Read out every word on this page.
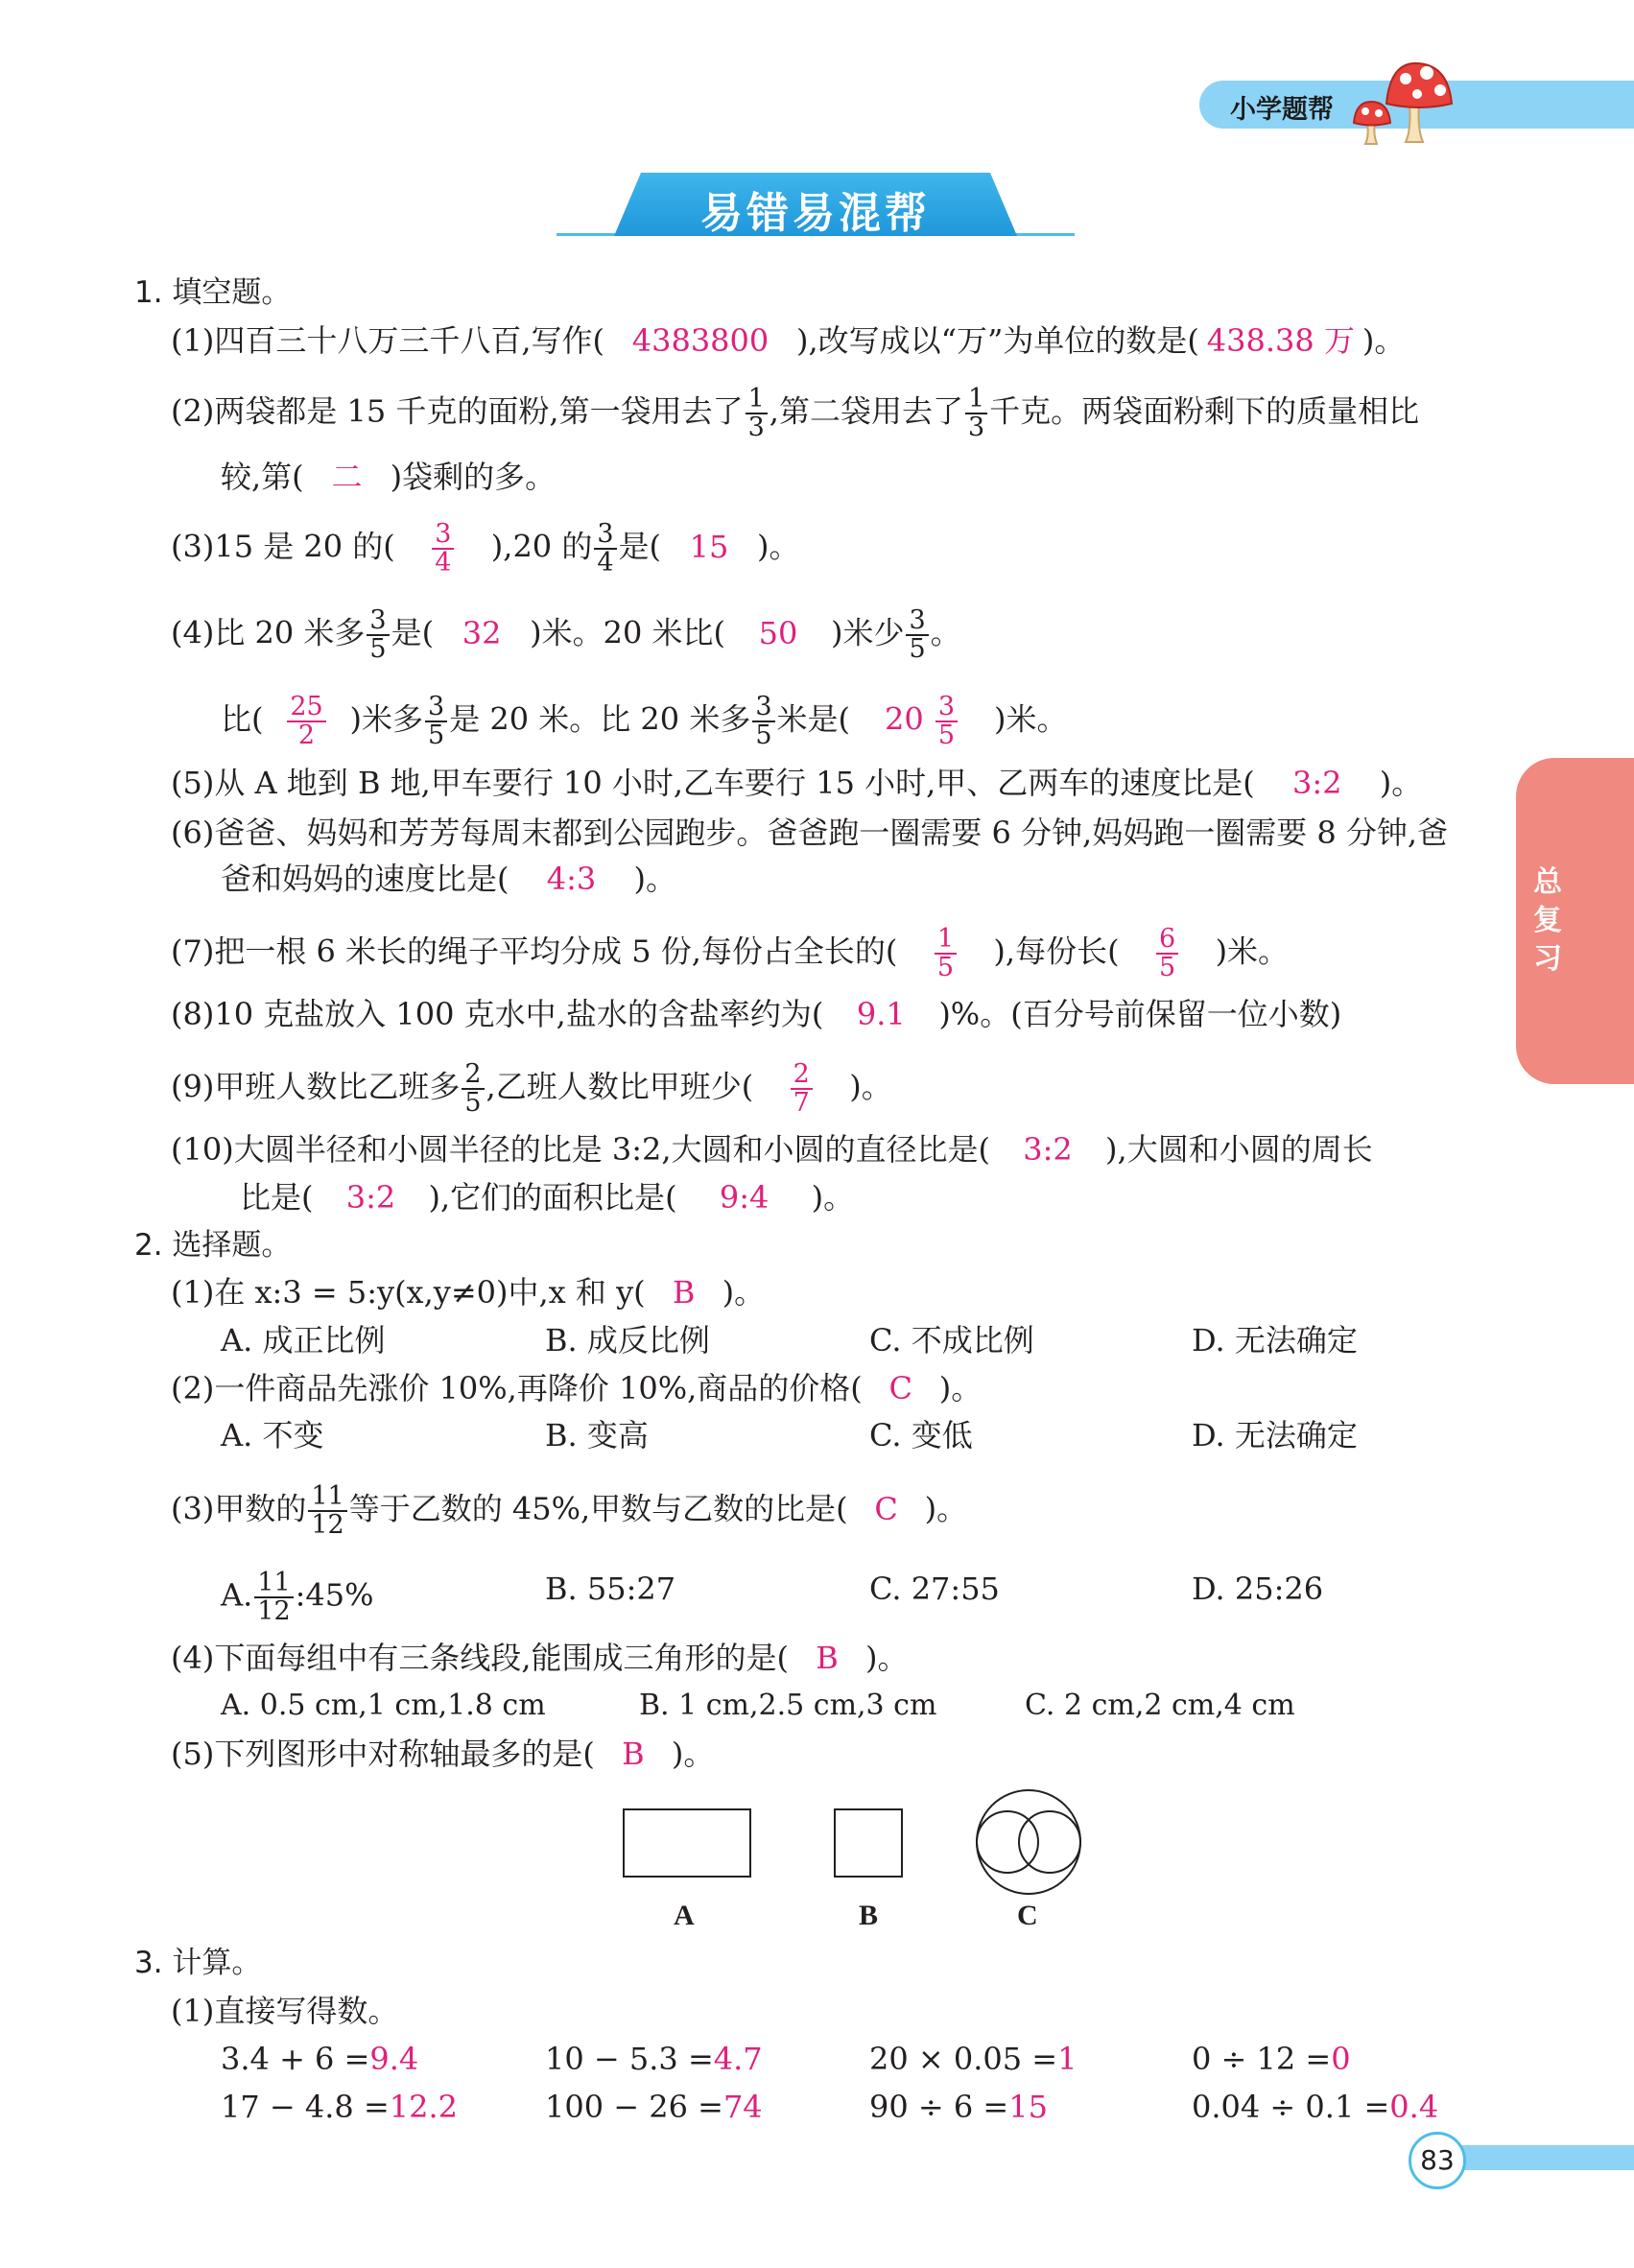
小学题帮
易错易混帮
总
复
习
1. 填空题。
(1)四百三十八万三千八百,写作( 4383800 ),改写成以“万”为单位的数是( 438.38 万 )。
(2)两袋都是 15 千克的面粉,第一袋用去了 $\frac{1}{3}$ ,第二袋用去了 $\frac{1}{3}$ 千克。两袋面粉剩下的质量相比
较,第( 二 )袋剩的多。
(3)15 是 20 的( $\frac{3}{4} ),20$ 的 $\frac{3}{4}$ 是( 15 )。
(4)比 20 米多 $\frac{3}{5}$ 是( 32 )米。20 米比( 50 )米少 $\frac{3}{5}$ 。
比( $\frac{25}{2}$ )米多 $\frac{3}{5}$ 是 20 米。比 20 米多 $\frac{3}{5}$ 米是( $20 \frac{3}{5}$ )米。
(5)从 A 地到 B 地,甲车要行 10 小时,乙车要行 15 小时,甲、乙两车的速度比是( 3:2 )。
(6)爸爸、妈妈和芳芳每周末都到公园跑步。爸爸跑一圈需要 6 分钟,妈妈跑一圈需要 8 分钟,爸
爸和妈妈的速度比是( 4:3 )。
(7)把一根 6 米长的绳子平均分成 5 份,每份占全长的( $\frac{1}{5}$ ),每份长( $\frac{6}{5}$ )米。
(8)10 克盐放入 100 克水中,盐水的含盐率约为( 9.1 )%。(百分号前保留一位小数)
(9)甲班人数比乙班多 $\frac{2}{5}$ ,乙班人数比甲班少( $\frac{2}{7}$ )。
(10)大圆半径和小圆半径的比是 3:2,大圆和小圆的直径比是( 3:2 ),大圆和小圆的周长
比是( 3:2 ),它们的面积比是( 9:4 )。
2. 选择题。
(1)在 x:3 = 5:y(x,y≠0)中,x 和 y( B )。
A. 成正比例	B. 成反比例	C. 不成比例	D. 无法确定
(2)一件商品先涨价 10%,再降价 10%,商品的价格( C )。
A. 不变	B. 变高	C. 变低	D. 无法确定
(3)甲数的 $\frac{11}{12}$ 等于乙数的 45%,甲数与乙数的比是( C )。
A. $\frac{11}{12}$ :45%	B. 55:27	C. 27:55	D. 25:26
(4)下面每组中有三条线段,能围成三角形的是( B )。
A. 0.5 cm,1 cm,1.8 cm	B. 1 cm,2.5 cm,3 cm	C. 2 cm,2 cm,4 cm
(5)下列图形中对称轴最多的是( B )。
A	B	C
3. 计算。
(1)直接写得数。
3.4 + 6 =9.4	10 − 5.3 =4.7	20 × 0.05 =1	0 ÷ 12 =0
17 − 4.8 =12.2	100 − 26 =74	90 ÷ 6 =15	0.04 ÷ 0.1 =0.4
83
